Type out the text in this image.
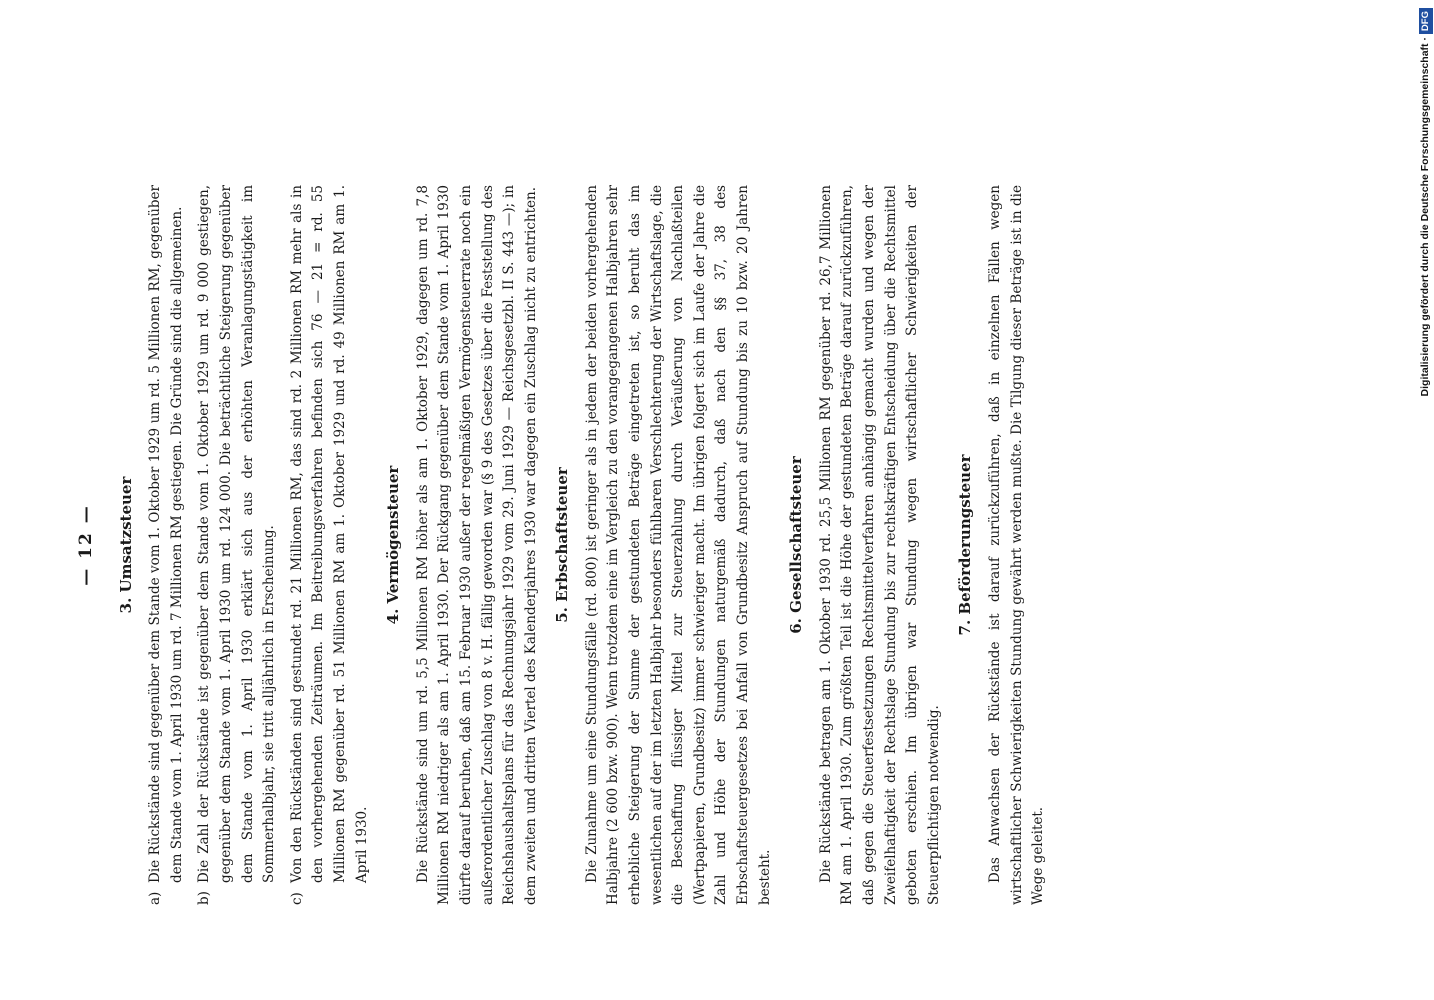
— 12 — 3. Umsatzsteuer
a)
Die Rückstände sind gegenüber dem Stande vom 1. Oktober 1929 um rd. 5 Millionen RM, gegenüber dem Stande vom 1. April 1930 um rd. 7 Millionen RM gestiegen. Die Gründe sind die allgemeinen.
b)
Die Zahl der Rückstände ist gegenüber dem Stande vom 1. Oktober 1929 um rd. 9 000 gestiegen, gegenüber dem Stande vom 1. April 1930 um rd. 124 000. Die beträchtliche Steigerung gegenüber dem Stande vom 1. April 1930 erklärt sich aus der erhöhten Veranlagungstätigkeit im Sommerhalbjahr, sie tritt alljährlich in Erscheinung.
c)
Von den Rückständen sind gestundet rd. 21 Millionen RM, das sind rd. 2 Millionen RM mehr als in den vorhergehenden Zeiträumen. Im Beitreibungsverfahren befinden sich 76 — 21 = rd. 55 Millionen RM gegenüber rd. 51 Millionen RM am 1. Oktober 1929 und rd. 49 Millionen RM am 1. April 1930.
4. Vermögensteuer Die Rückstände sind um rd. 5,5 Millionen RM höher als am 1. Oktober 1929, dagegen um rd. 7,8 Millionen RM niedriger als am 1. April 1930. Der Rückgang gegenüber dem Stande vom 1. April 1930 dürfte darauf beruhen, daß am 15. Februar 1930 außer der regelmäßigen Vermögensteuerrate noch ein außerordentlicher Zuschlag von 8 v. H. fällig geworden war (§ 9 des Gesetzes über die Feststellung des Reichshaushaltsplans für das Rechnungsjahr 1929 vom 29. Juni 1929 — Reichsgesetzbl. II S. 443 —); in dem zweiten und dritten Viertel des Kalenderjahres 1930 war dagegen ein Zuschlag nicht zu entrichten. 5. Erbschaftsteuer Die Zunahme um eine Stundungsfälle (rd. 800) ist geringer als in jedem der beiden vorhergehenden Halbjahre (2 600 bzw. 900). Wenn trotzdem eine im Vergleich zu den vorangegangenen Halbjahren sehr erhebliche Steigerung der Summe der gestundeten Beträge eingetreten ist, so beruht das im wesentlichen auf der im letzten Halbjahr besonders fühlbaren Verschlechterung der Wirtschaftslage, die die Beschaffung flüssiger Mittel zur Steuerzahlung durch Veräußerung von Nachlaßteilen (Wertpapieren, Grundbesitz) immer schwieriger macht. Im übrigen folgert sich im Laufe der Jahre die Zahl und Höhe der Stundungen naturgemäß dadurch, daß nach den §§ 37, 38 des Erbschaftsteuergesetzes bei Anfall von Grundbesitz Anspruch auf Stundung bis zu 10 bzw. 20 Jahren besteht.

6. Gesellschaftsteuer Die Rückstände betragen am 1. Oktober 1930 rd. 25,5 Millionen RM gegenüber rd. 26,7 Millionen RM am 1. April 1930. Zum größten Teil ist die Höhe der gestundeten Beträge darauf zurückzuführen, daß gegen die Steuerfestsetzungen Rechtsmittelverfahren anhängig gemacht wurden und wegen der Zweifelhaftigkeit der Rechtslage Stundung bis zur rechtskräftigen Entscheidung über die Rechtsmittel geboten erschien. Im übrigen war Stundung wegen wirtschaftlicher Schwierigkeiten der Steuerpflichtigen notwendig.

7. Beförderungsteuer Das Anwachsen der Rückstände ist darauf zurückzuführen, daß in einzelnen Fällen wegen wirtschaftlicher Schwierigkeiten Stundung gewährt werden mußte. Die Tilgung dieser Beträge ist in die Wege geleitet.

Digitalisierung gefördert durch die Deutsche Forschungsgemeinschaft ·DFG
